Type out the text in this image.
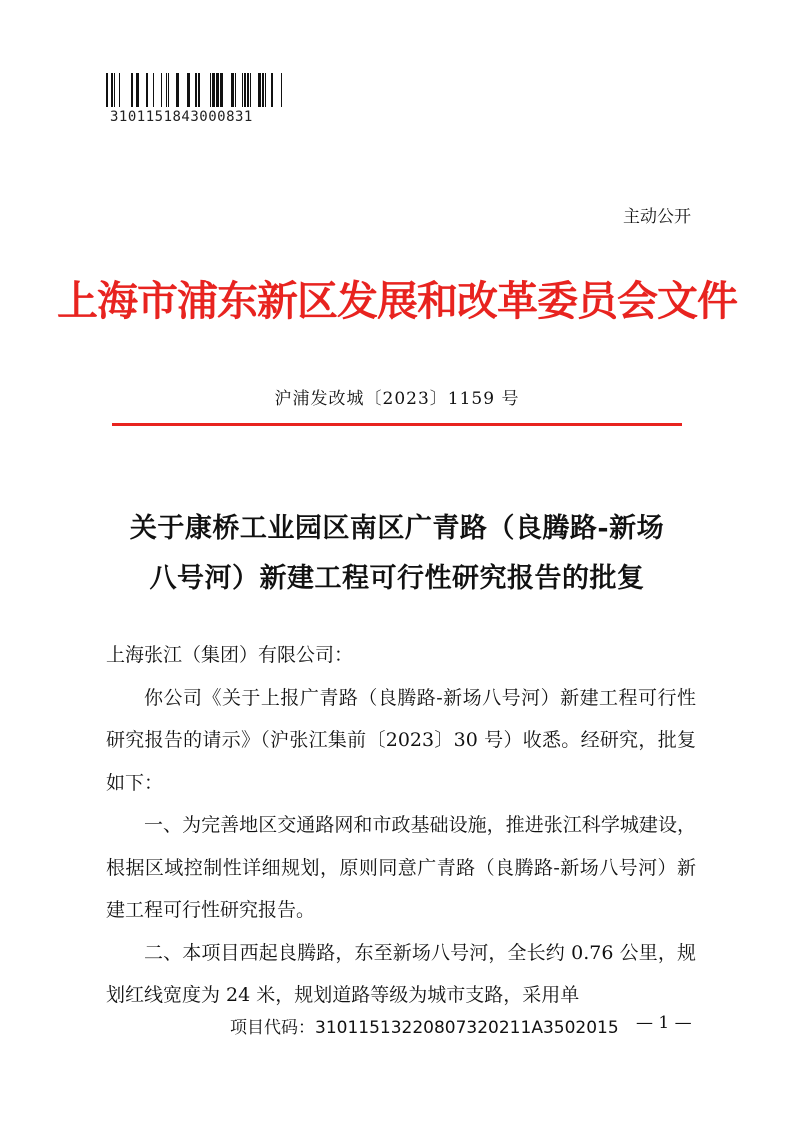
3101151843000831
主动公开
上海市浦东新区发展和改革委员会文件
沪浦发改城〔2023〕1159 号
关于康桥工业园区南区广青路（良腾路-新场
八号河）新建工程可行性研究报告的批复

上海张江（集团）有限公司：

你公司《关于上报广青路（良腾路-新场八号河）新建工程可行性研究报告的请示》（沪张江集前〔2023〕30 号）收悉。经研究，批复如下：

一、为完善地区交通路网和市政基础设施，推进张江科学城建设，根据区域控制性详细规划，原则同意广青路（良腾路-新场八号河）新建工程可行性研究报告。

二、本项目西起良腾路，东至新场八号河，全长约 0.76 公里，规划红线宽度为 24 米，规划道路等级为城市支路，采用单

项目代码：31011513220807320211A3502015 — 1 —
